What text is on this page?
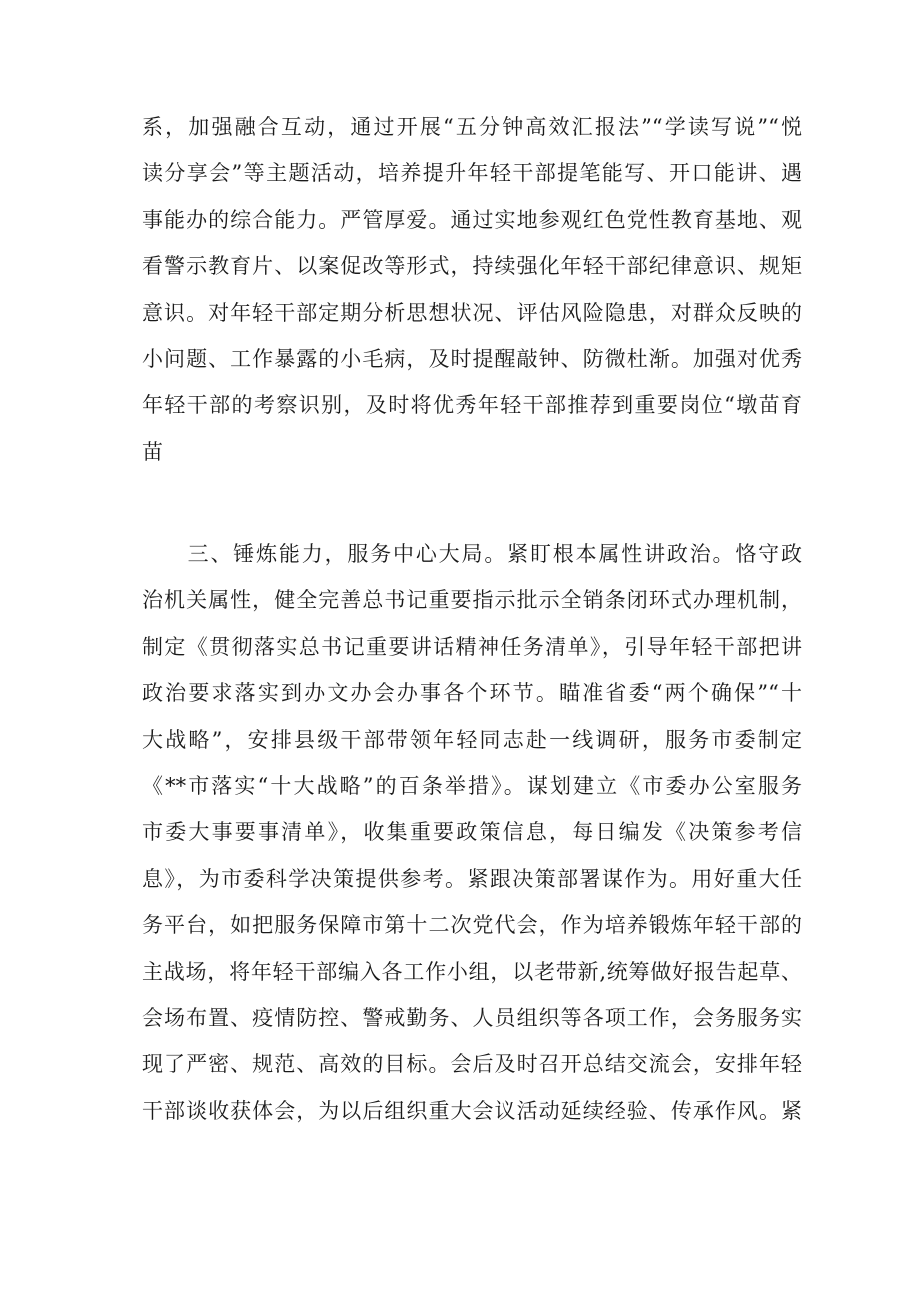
系，加强融合互动，通过开展“五分钟高效汇报法”“学读写说”“悦
读分享会”等主题活动，培养提升年轻干部提笔能写、开口能讲、遇
事能办的综合能力。严管厚爱。通过实地参观红色党性教育基地、观
看警示教育片、以案促改等形式，持续强化年轻干部纪律意识、规矩
意识。对年轻干部定期分析思想状况、评估风险隐患，对群众反映的
小问题、工作暴露的小毛病，及时提醒敲钟、防微杜渐。加强对优秀
年轻干部的考察识别，及时将优秀年轻干部推荐到重要岗位“墩苗育
苗
　　三、锤炼能力，服务中心大局。紧盯根本属性讲政治。恪守政
治机关属性，健全完善总书记重要指示批示全销条闭环式办理机制，
制定《贯彻落实总书记重要讲话精神任务清单》，引导年轻干部把讲
政治要求落实到办文办会办事各个环节。瞄准省委“两个确保”“十
大战略”，安排县级干部带领年轻同志赴一线调研，服务市委制定
《**市落实“十大战略”的百条举措》。谋划建立《市委办公室服务
市委大事要事清单》，收集重要政策信息，每日编发《决策参考信
息》，为市委科学决策提供参考。紧跟决策部署谋作为。用好重大任
务平台，如把服务保障市第十二次党代会，作为培养锻炼年轻干部的
主战场，将年轻干部编入各工作小组，以老带新,统筹做好报告起草、
会场布置、疫情防控、警戒勤务、人员组织等各项工作，会务服务实
现了严密、规范、高效的目标。会后及时召开总结交流会，安排年轻
干部谈收获体会，为以后组织重大会议活动延续经验、传承作风。紧
